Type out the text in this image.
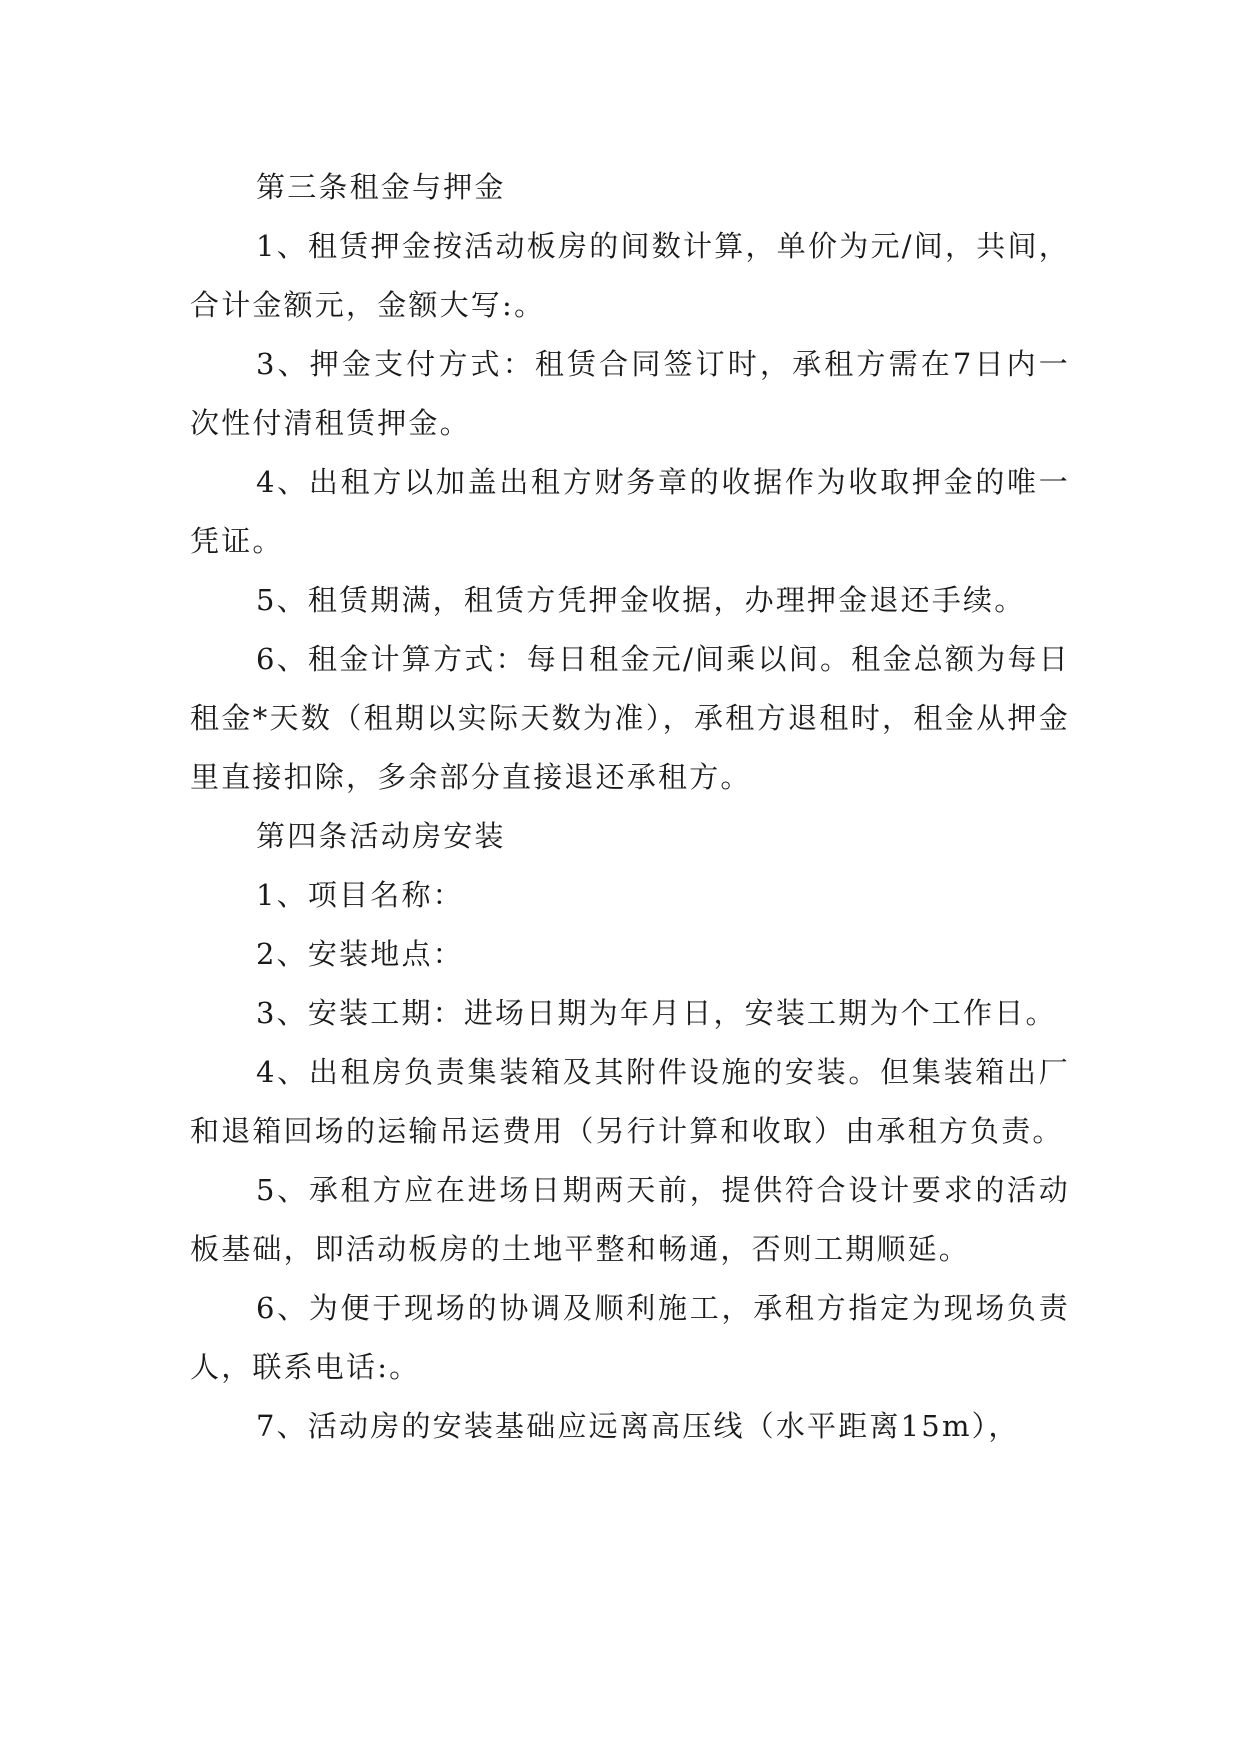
第三条租金与押金

1、租赁押金按活动板房的间数计算，单价为元/间，共间，合计金额元，金额大写:。

3、押金支付方式：租赁合同签订时，承租方需在7日内一次性付清租赁押金。

4、出租方以加盖出租方财务章的收据作为收取押金的唯一凭证。

5、租赁期满，租赁方凭押金收据，办理押金退还手续。

6、租金计算方式：每日租金元/间乘以间。租金总额为每日租金*天数（租期以实际天数为准），承租方退租时，租金从押金里直接扣除，多余部分直接退还承租方。

第四条活动房安装

1、项目名称：

2、安装地点：

3、安装工期：进场日期为年月日，安装工期为个工作日。

4、出租房负责集装箱及其附件设施的安装。但集装箱出厂和退箱回场的运输吊运费用（另行计算和收取）由承租方负责。

5、承租方应在进场日期两天前，提供符合设计要求的活动板基础，即活动板房的土地平整和畅通，否则工期顺延。

6、为便于现场的协调及顺利施工，承租方指定为现场负责人，联系电话:。

7、活动房的安装基础应远离高压线（水平距离15m），
